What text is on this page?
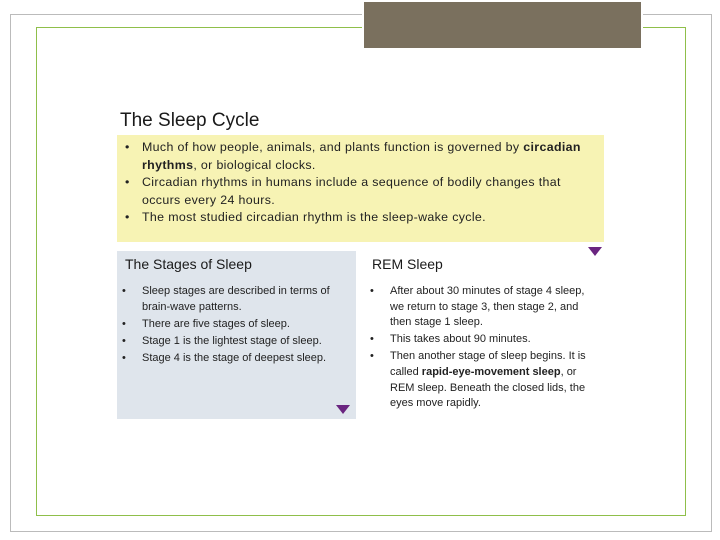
The Sleep Cycle
• Much of how people, animals, and plants function is governed by circadian rhythms, or biological clocks.
• Circadian rhythms in humans include a sequence of bodily changes that occurs every 24 hours.
• The most studied circadian rhythm is the sleep-wake cycle.
The Stages of Sleep	REM Sleep
• Sleep stages are described in terms of brain-wave patterns.
• There are five stages of sleep.
• Stage 1 is the lightest stage of sleep.
• Stage 4 is the stage of deepest sleep.
• After about 30 minutes of stage 4 sleep, we return to stage 3, then stage 2, and then stage 1 sleep.
• This takes about 90 minutes.
• Then another stage of sleep begins. It is called rapid-eye-movement sleep, or REM sleep. Beneath the closed lids, the eyes move rapidly.
